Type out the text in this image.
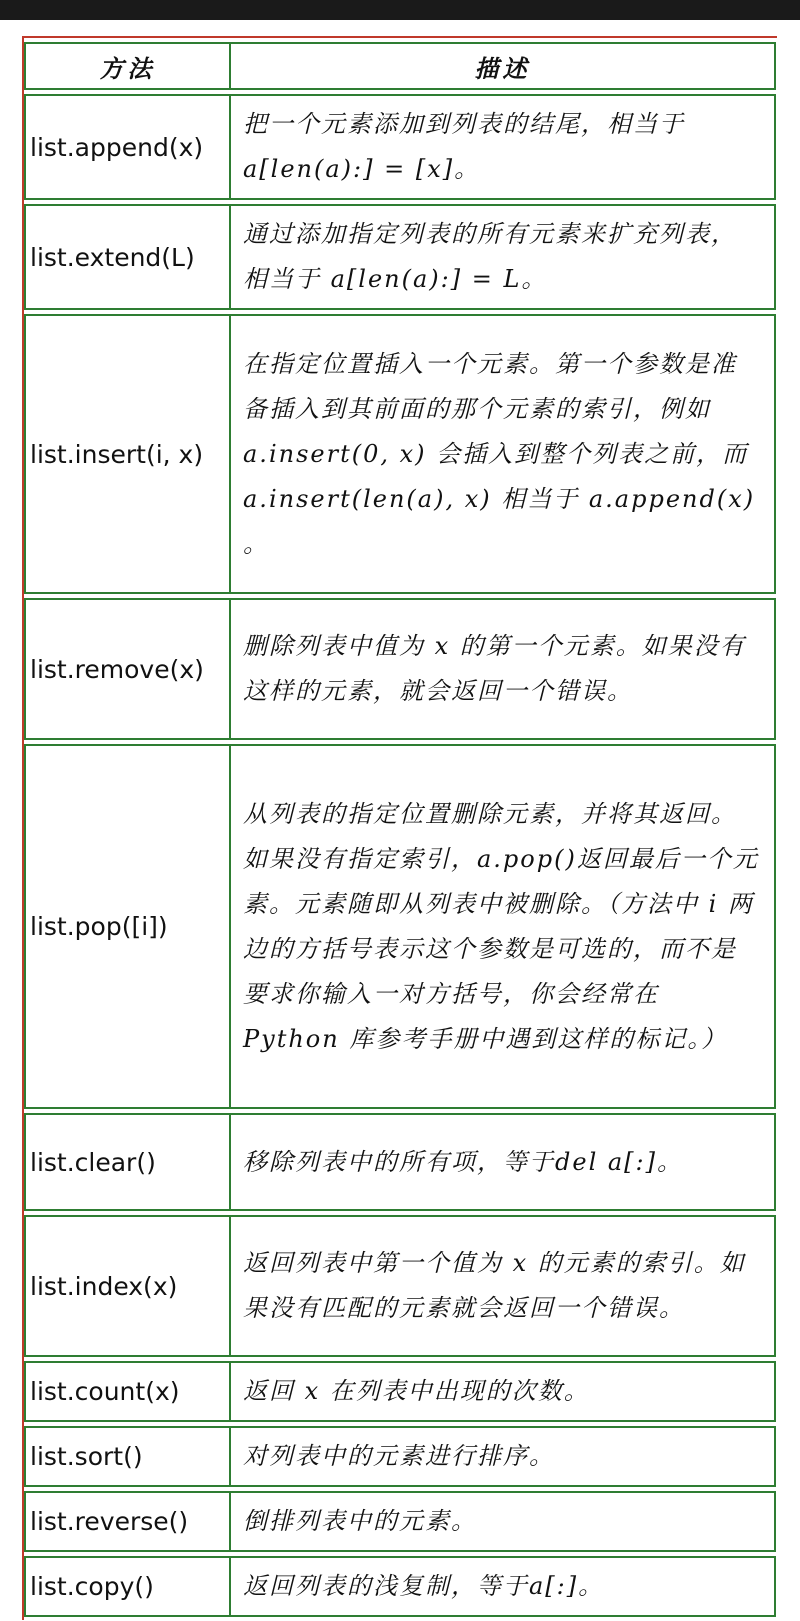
方法	描述
list.append(x)	把一个元素添加到列表的结尾，相当于 a[len(a):] = [x]。
list.extend(L)	通过添加指定列表的所有元素来扩充列表，相当于 a[len(a):] = L。
list.insert(i, x)	在指定位置插入一个元素。第一个参数是准备插入到其前面的那个元素的索引，例如 a.insert(0, x) 会插入到整个列表之前，而 a.insert(len(a), x) 相当于 a.append(x) 。
list.remove(x)	删除列表中值为 x 的第一个元素。如果没有这样的元素，就会返回一个错误。
list.pop([i])	从列表的指定位置删除元素，并将其返回。如果没有指定索引，a.pop()返回最后一个元素。元素随即从列表中被删除。（方法中 i 两边的方括号表示这个参数是可选的，而不是要求你输入一对方括号，你会经常在 Python 库参考手册中遇到这样的标记。）
list.clear()	移除列表中的所有项，等于del a[:]。
list.index(x)	返回列表中第一个值为 x 的元素的索引。如果没有匹配的元素就会返回一个错误。
list.count(x)	返回 x 在列表中出现的次数。
list.sort()	对列表中的元素进行排序。
list.reverse()	倒排列表中的元素。
list.copy()	返回列表的浅复制，等于a[:]。
